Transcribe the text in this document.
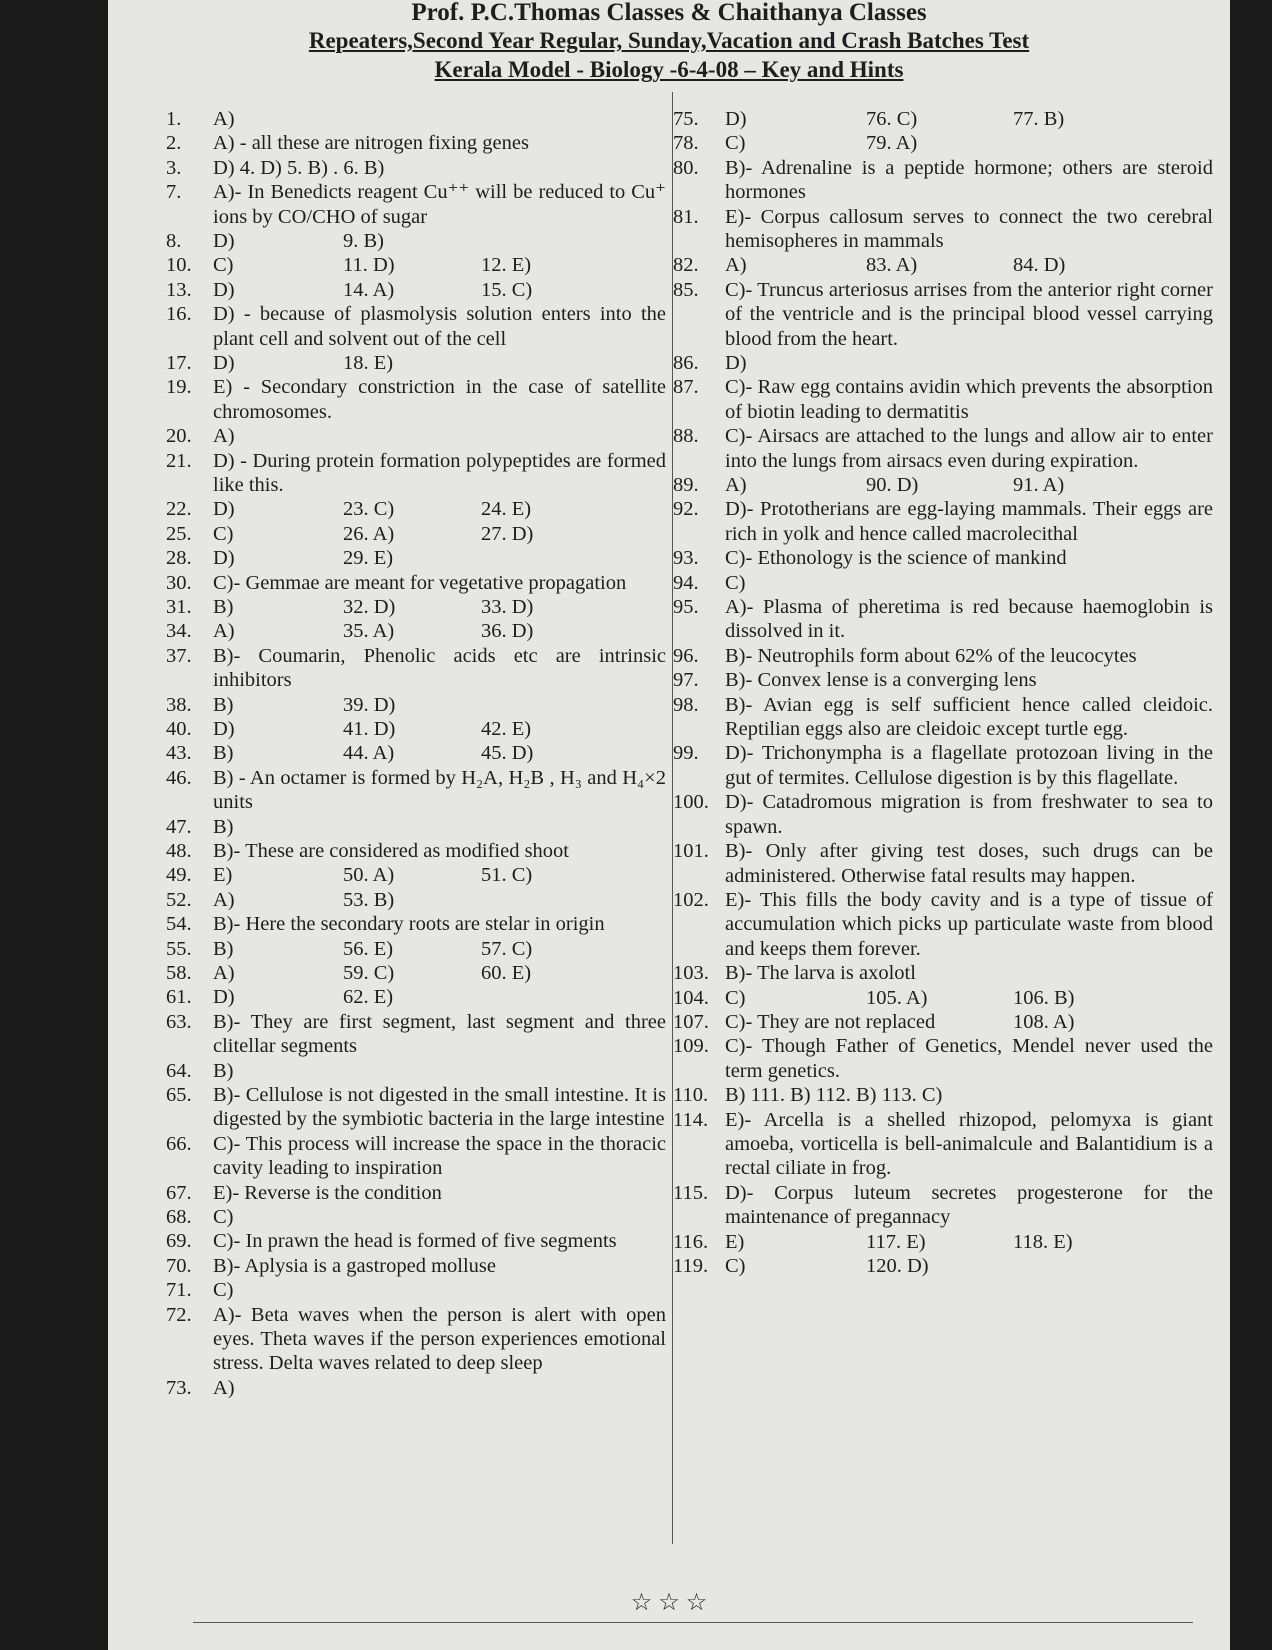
Prof. P.C.Thomas Classes & Chaithanya Classes
Repeaters,Second Year Regular, Sunday,Vacation and Crash Batches Test
Kerala Model - Biology -6-4-08 – Key and Hints
1. A)
2. A) - all these are nitrogen fixing genes
3. D) 4. D) 5. B) . 6. B)
7. A)- In Benedicts reagent Cu⁺⁺ will be reduced to Cu⁺ ions by CO/CHO of sugar
8. D)	9. B)
10. C)	11. D)	12. E)
13. D)	14. A)	15. C)
16. D) - because of plasmolysis solution enters into the plant cell and solvent out of the cell
17. D)	18. E)
19. E) - Secondary constriction in the case of satellite chromosomes.
20. A)
21. D) - During protein formation polypeptides are formed like this.
22. D)	23. C)	24. E)
25. C)	26. A)	27. D)
28. D)	29. E)
30. C)- Gemmae are meant for vegetative propagation
31. B)	32. D)	33. D)
34. A)	35. A)	36. D)
37. B)- Coumarin, Phenolic acids etc are intrinsic inhibitors
38. B)	39. D)
40. D)	41. D)	42. E)
43. B)	44. A)	45. D)
46. B) - An octamer is formed by H₂A, H₂B , H₃ and H₄×2 units
47. B)
48. B)- These are considered as modified shoot
49. E)	50. A)	51. C)
52. A)	53. B)
54. B)- Here the secondary roots are stelar in origin
55. B)	56. E)	57. C)
58. A)	59. C)	60. E)
61. D)	62. E)
63. B)- They are first segment, last segment and three clitellar segments
64. B)
65. B)- Cellulose is not digested in the small intestine. It is digested by the symbiotic bacteria in the large intestine
66. C)- This process will increase the space in the thoracic cavity leading to inspiration
67. E)- Reverse is the condition
68. C)
69. C)- In prawn the head is formed of five segments
70. B)- Aplysia is a gastroped molluse
71. C)
72. A)- Beta waves when the person is alert with open eyes. Theta waves if the person experiences emotional stress. Delta waves related to deep sleep
73. A)
75. D)	76. C)	77. B)
78. C)	79. A)
80. B)- Adrenaline is a peptide hormone; others are steroid hormones
81. E)- Corpus callosum serves to connect the two cerebral hemisopheres in mammals
82. A)	83. A)	84. D)
85. C)- Truncus arteriosus arrises from the anterior right corner of the ventricle and is the principal blood vessel carrying blood from the heart.
86. D)
87. C)- Raw egg contains avidin which prevents the absorption of biotin leading to dermatitis
88. C)- Airsacs are attached to the lungs and allow air to enter into the lungs from airsacs even during expiration.
89. A)	90. D)	91. A)
92. D)- Prototherians are egg-laying mammals. Their eggs are rich in yolk and hence called macrolecithal
93. C)- Ethonology is the science of mankind
94. C)
95. A)- Plasma of pheretima is red because haemoglobin is dissolved in it.
96. B)- Neutrophils form about 62% of the leucocytes
97. B)- Convex lense is a converging lens
98. B)- Avian egg is self sufficient hence called cleidoic. Reptilian eggs also are cleidoic except turtle egg.
99. D)- Trichonympha is a flagellate protozoan living in the gut of termites. Cellulose digestion is by this flagellate.
100. D)- Catadromous migration is from freshwater to sea to spawn.
101. B)- Only after giving test doses, such drugs can be administered. Otherwise fatal results may happen.
102. E)- This fills the body cavity and is a type of tissue of accumulation which picks up particulate waste from blood and keeps them forever.
103. B)- The larva is axolotl
104. C)	105. A)	106. B)
107. C)- They are not replaced	108. A)
109. C)- Though Father of Genetics, Mendel never used the term genetics.
110. B) 111. B) 112. B) 113. C)
114. E)- Arcella is a shelled rhizopod, pelomyxa is giant amoeba, vorticella is bell-animalcule and Balantidium is a rectal ciliate in frog.
115. D)- Corpus luteum secretes progesterone for the maintenance of pregannacy
116. E)	117. E)	118. E)
119. C)	120. D)
☆ ☆ ☆
